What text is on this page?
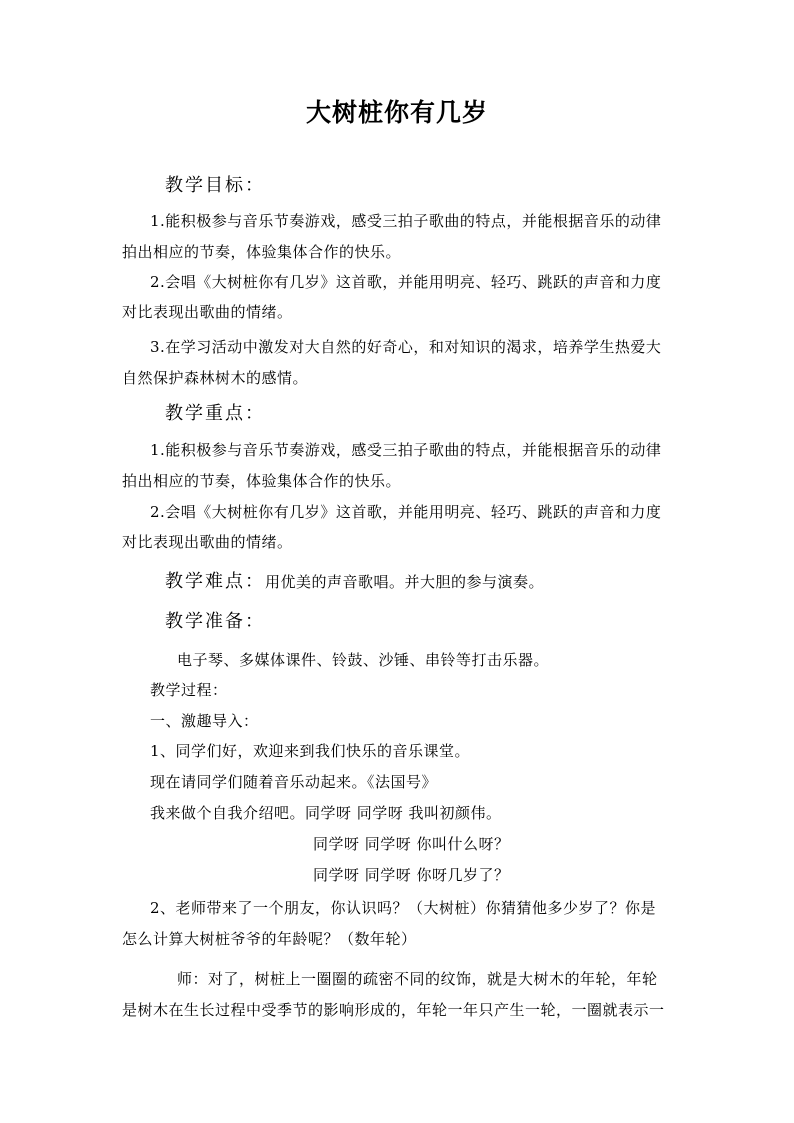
大树桩你有几岁
教学目标：
1.能积极参与音乐节奏游戏，感受三拍子歌曲的特点，并能根据音乐的动律
拍出相应的节奏，体验集体合作的快乐。
2.会唱《大树桩你有几岁》这首歌，并能用明亮、轻巧、跳跃的声音和力度
对比表现出歌曲的情绪。
3.在学习活动中激发对大自然的好奇心，和对知识的渴求，培养学生热爱大
自然保护森林树木的感情。
教学重点：
1.能积极参与音乐节奏游戏，感受三拍子歌曲的特点，并能根据音乐的动律
拍出相应的节奏，体验集体合作的快乐。
2.会唱《大树桩你有几岁》这首歌，并能用明亮、轻巧、跳跃的声音和力度
对比表现出歌曲的情绪。
教学难点：用优美的声音歌唱。并大胆的参与演奏。
教学准备：
电子琴、多媒体课件、铃鼓、沙锤、串铃等打击乐器。
教学过程：
一、激趣导入：
1、同学们好，欢迎来到我们快乐的音乐课堂。
现在请同学们随着音乐动起来。《法国号》
我来做个自我介绍吧。同学呀 同学呀 我叫初颜伟。
同学呀 同学呀 你叫什么呀？
同学呀 同学呀 你呀几岁了？
2、老师带来了一个朋友，你认识吗？（大树桩）你猜猜他多少岁了？你是
怎么计算大树桩爷爷的年龄呢？（数年轮）
师：对了，树桩上一圈圈的疏密不同的纹饰，就是大树木的年轮，年轮
是树木在生长过程中受季节的影响形成的，年轮一年只产生一轮，一圈就表示一
